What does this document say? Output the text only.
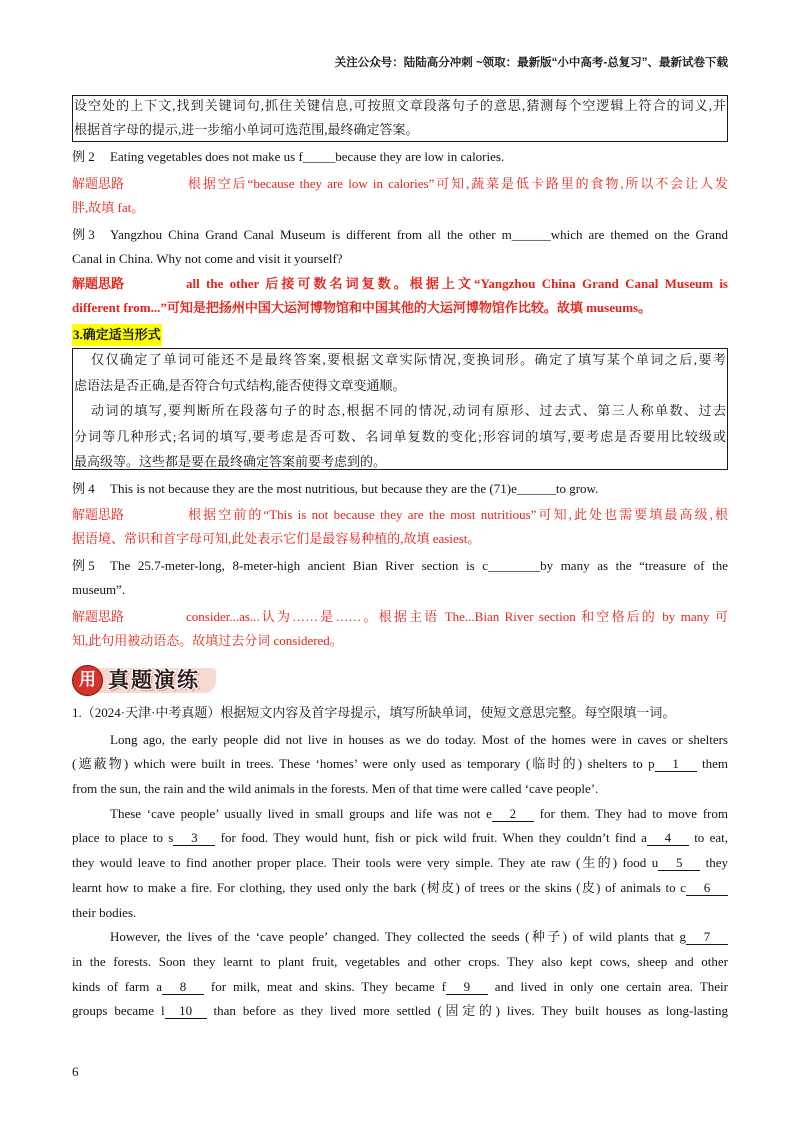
关注公众号：陆陆高分冲刺 ~领取：最新版“小中高考-总复习”、最新试卷下载
设空处的上下文,找到关键词句,抓住关键信息,可按照文章段落句子的意思,猜测每个空逻辑上符合的词义,并
根据首字母的提示,进一步缩小单词可选范围,最终确定答案。
例 2 Eating vegetables does not make us f_____because they are low in calories.
解题思路	根据空后“because they are low in calories”可知,蔬菜是低卡路里的食物,所以不会让人发
胖,故填 fat。
例 3 Yangzhou China Grand Canal Museum is different from all the other m______which are themed on the Grand
Canal in China. Why not come and visit it yourself?
解题思路	all the other 后接可数名词复数。根据上文“Yangzhou China Grand Canal Museum is
different from...”可知是把扬州中国大运河博物馆和中国其他的大运河博物馆作比较。故填 museums。
3.确定适当形式
仅仅确定了单词可能还不是最终答案,要根据文章实际情况,变换词形。确定了填写某个单词之后,要考
虑语法是否正确,是否符合句式结构,能否使得文章变通顺。
动词的填写,要判断所在段落句子的时态,根据不同的情况,动词有原形、过去式、第三人称单数、过去
分词等几种形式;名词的填写,要考虑是否可数、名词单复数的变化;形容词的填写,要考虑是否要用比较级或
最高级等。这些都是要在最终确定答案前要考虑到的。
例 4 This is not because they are the most nutritious, but because they are the (71)e______to grow.
解题思路	根据空前的“This is not because they are the most nutritious”可知,此处也需要填最高级,根
据语境、常识和首字母可知,此处表示它们是最容易种植的,故填 easiest。
例 5 The 25.7-meter-long, 8-meter-high ancient Bian River section is c________by many as the “treasure of the
museum”.
解题思路	consider...as...认为……是……。根据主语 The...Bian River section 和空格后的 by many 可
知,此句用被动语态。故填过去分词 considered。
用 真题演练
1.（2024·天津·中考真题）根据短文内容及首字母提示，填写所缺单词，使短文意思完整。每空限填一词。
Long ago, the early people did not live in houses as we do today. Most of the homes were in caves or shelters
(遮蔽物) which were built in trees. These ‘homes’ were only used as temporary (临时的) shelters to p 1 them
from the sun, the rain and the wild animals in the forests. Men of that time were called ‘cave people’.
These ‘cave people’ usually lived in small groups and life was not e 2 for them. They had to move from
place to place to s 3 for food. They would hunt, fish or pick wild fruit. When they couldn’t find a 4 to eat,
they would leave to find another proper place. Their tools were very simple. They ate raw (生的) food u 5 they
learnt how to make a fire. For clothing, they used only the bark (树皮) of trees or the skins (皮) of animals to c 6
their bodies.
However, the lives of the ‘cave people’ changed. They collected the seeds (种子) of wild plants that g 7
in the forests. Soon they learnt to plant fruit, vegetables and other crops. They also kept cows, sheep and other
kinds of farm a 8 for milk, meat and skins. They became f 9 and lived in only one certain area. Their
groups became l 10 than before as they lived more settled (固定的) lives. They built houses as long-lasting
6
